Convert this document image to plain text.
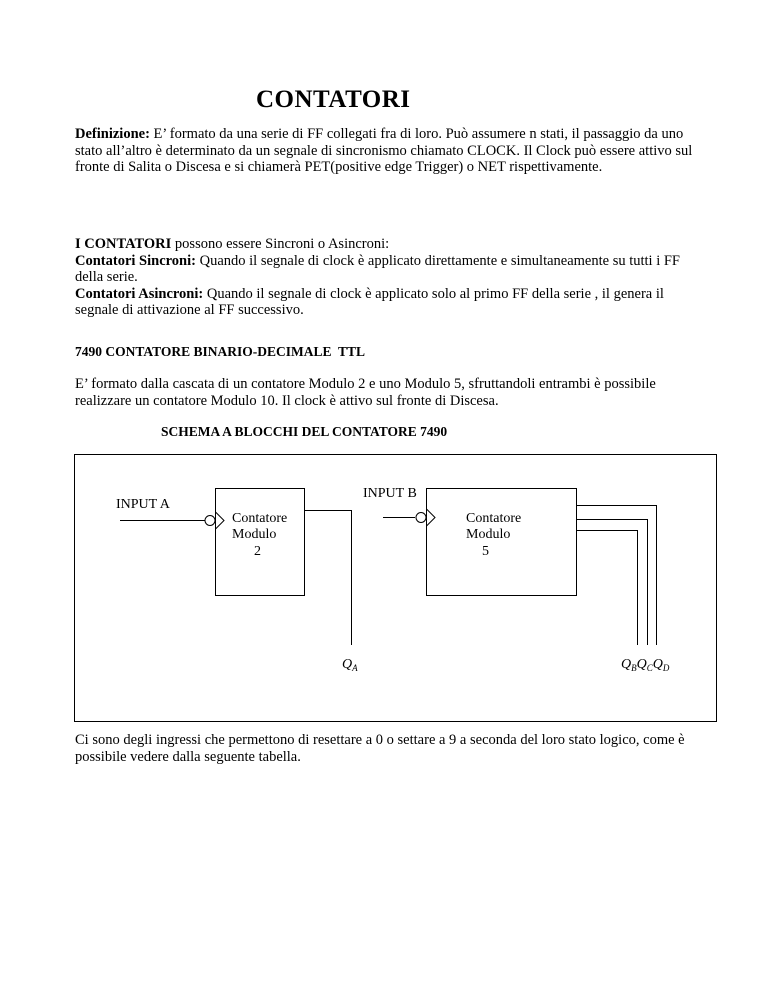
CONTATORI
Definizione: E’ formato da una serie di FF collegati fra di loro. Può assumere n stati, il passaggio da uno stato all’altro è determinato da un segnale di sincronismo chiamato CLOCK. Il Clock può essere attivo sul fronte di Salita o Discesa e si chiamerà PET(positive edge Trigger) o NET rispettivamente.
I CONTATORI possono essere Sincroni o Asincroni:
Contatori Sincroni: Quando il segnale di clock è applicato direttamente e simultaneamente su tutti i FF della serie.
Contatori Asincroni: Quando il segnale di clock è applicato solo al primo FF della serie , il genera il segnale di attivazione al FF successivo.
7490 CONTATORE BINARIO-DECIMALE  TTL
E’ formato dalla cascata di un contatore Modulo 2 e uno Modulo 5, sfruttandoli entrambi è possibile realizzare un contatore Modulo 10. Il clock è attivo sul fronte di Discesa.
SCHEMA A BLOCCHI DEL CONTATORE 7490
INPUT A
INPUT B
Contatore
Modulo
2
Contatore
Modulo
5
$Q_A$	$Q_BQ_CQ_D$
Ci sono degli ingressi che permettono di resettare a 0 o settare a 9 a seconda del loro stato logico, come è possibile vedere dalla seguente tabella.
